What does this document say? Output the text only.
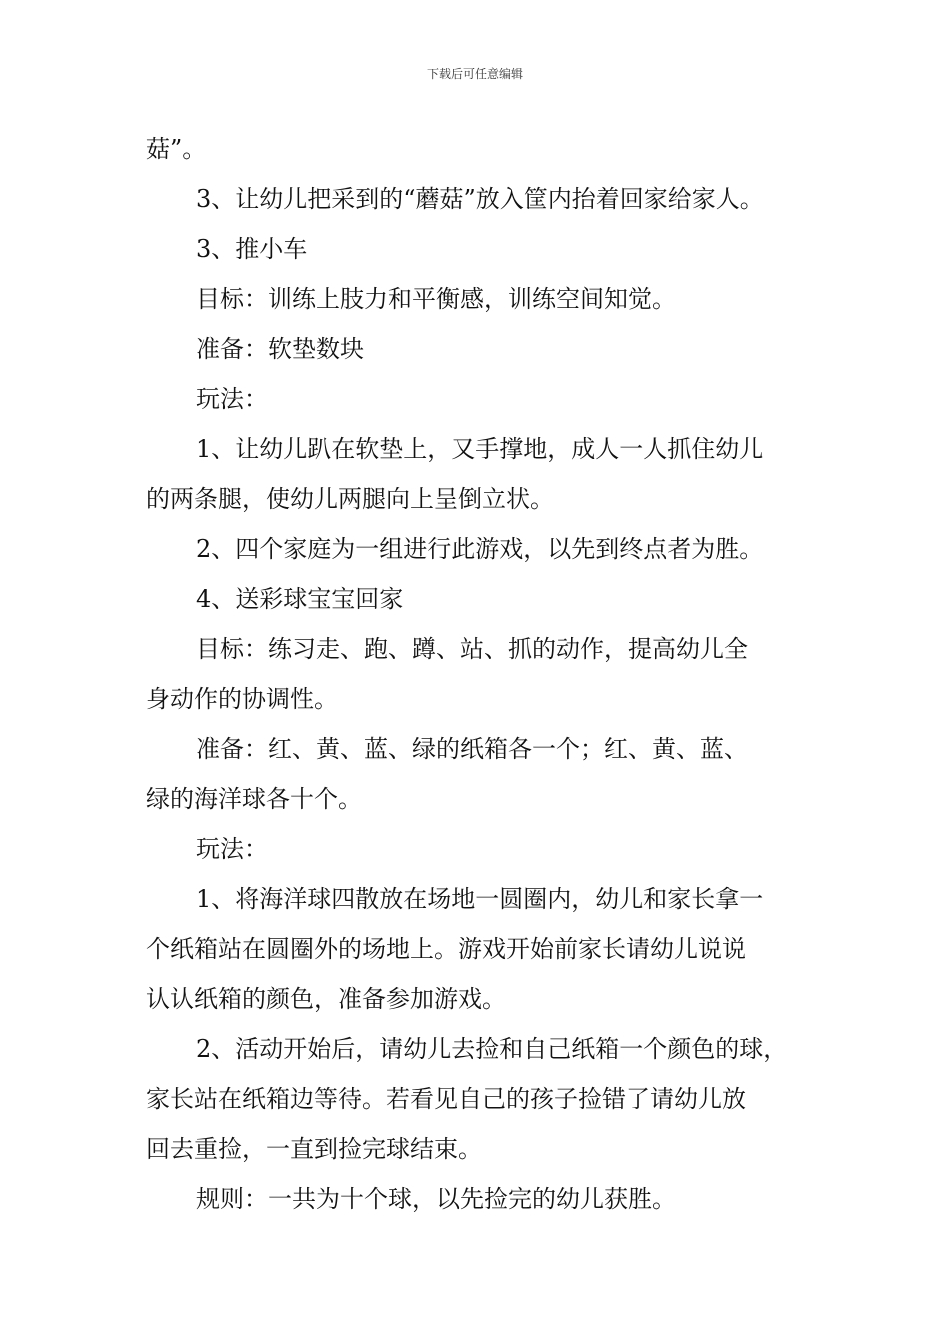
下载后可任意编辑
菇”。
3、让幼儿把采到的“蘑菇”放入筐内抬着回家给家人。
3、推小车
目标：训练上肢力和平衡感，训练空间知觉。
准备：软垫数块
玩法：
1、让幼儿趴在软垫上，又手撑地，成人一人抓住幼儿
的两条腿，使幼儿两腿向上呈倒立状。
2、四个家庭为一组进行此游戏，以先到终点者为胜。
4、送彩球宝宝回家
目标：练习走、跑、蹲、站、抓的动作，提高幼儿全
身动作的协调性。
准备：红、黄、蓝、绿的纸箱各一个；红、黄、蓝、
绿的海洋球各十个。
玩法：
1、将海洋球四散放在场地一圆圈内，幼儿和家长拿一
个纸箱站在圆圈外的场地上。游戏开始前家长请幼儿说说
认认纸箱的颜色，准备参加游戏。
2、活动开始后，请幼儿去捡和自己纸箱一个颜色的球，
家长站在纸箱边等待。若看见自己的孩子捡错了请幼儿放
回去重捡，一直到捡完球结束。
规则：一共为十个球，以先捡完的幼儿获胜。
